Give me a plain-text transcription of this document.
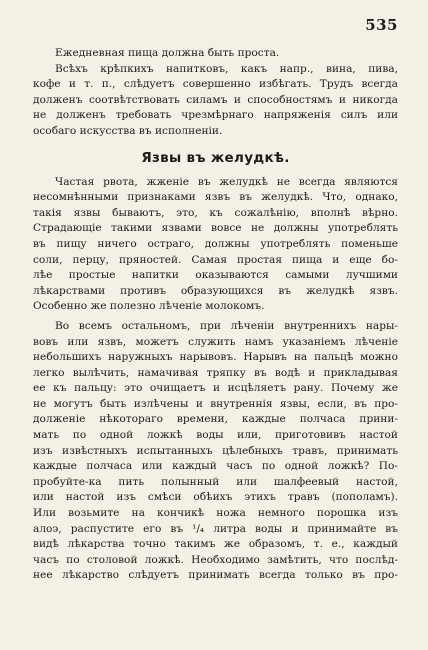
535
Ежедневная пища должна быть проста.
Всѣхъ крѣпкихъ напитковъ, какъ напр., вина, пива,
кофе и т. п., слѣдуетъ совершенно избѣгать. Трудъ всегда
долженъ соотвѣтствовать силамъ и способностямъ и никогда
не долженъ требовать чрезмѣрнаго напряженія силъ или
особаго искусства въ исполненіи.
Язвы въ желудкѣ.
Частая рвота, жженіе въ желудкѣ не всегда являются
несомнѣнными признаками язвъ въ желудкѣ. Что, однако,
такія язвы бываютъ, это, къ сожалѣнію, вполнѣ вѣрно.
Страдающіе такими язвами вовсе не должны употреблять
въ пищу ничего остраго, должны употреблять поменьше
соли, перцу, пряностей. Самая простая пища и еще бо-
лѣе простые напитки оказываются самыми лучшими
лѣкарствами противъ образующихся въ желудкѣ язвъ.
Особенно же полезно лѣченіе молокомъ.
Во всемъ остальномъ, при лѣченіи внутреннихъ нары-
вовъ или язвъ, можетъ служить намъ указаніемъ лѣченіе
небольшихъ наружныхъ нарывовъ. Нарывъ на пальцѣ можно
легко вылѣчить, намачивая тряпку въ водѣ и прикладывая
ее къ пальцу: это очищаетъ и исцѣляетъ рану. Почему же
не могутъ быть излѣчены и внутреннія язвы, если, въ про-
долженіе нѣкотораго времени, каждые полчаса прини-
мать по одной ложкѣ воды или, приготовивъ настой
изъ извѣстныхъ испытанныхъ цѣлебныхъ травъ, принимать
каждые полчаса или каждый часъ по одной ложкѣ? По-
пробуйте-ка пить полынный или шалфеевый настой,
или настой изъ смѣси обѣихъ этихъ травъ (пополамъ).
Или возьмите на кончикѣ ножа немного порошка изъ
алоэ, распустите его въ ¹/₄ литра воды и принимайте въ
видѣ лѣкарства точно такимъ же образомъ, т. е., каждый
часъ по столовой ложкѣ. Необходимо замѣтить, что послѣд-
нее лѣкарство слѣдуетъ принимать всегда только въ про-
